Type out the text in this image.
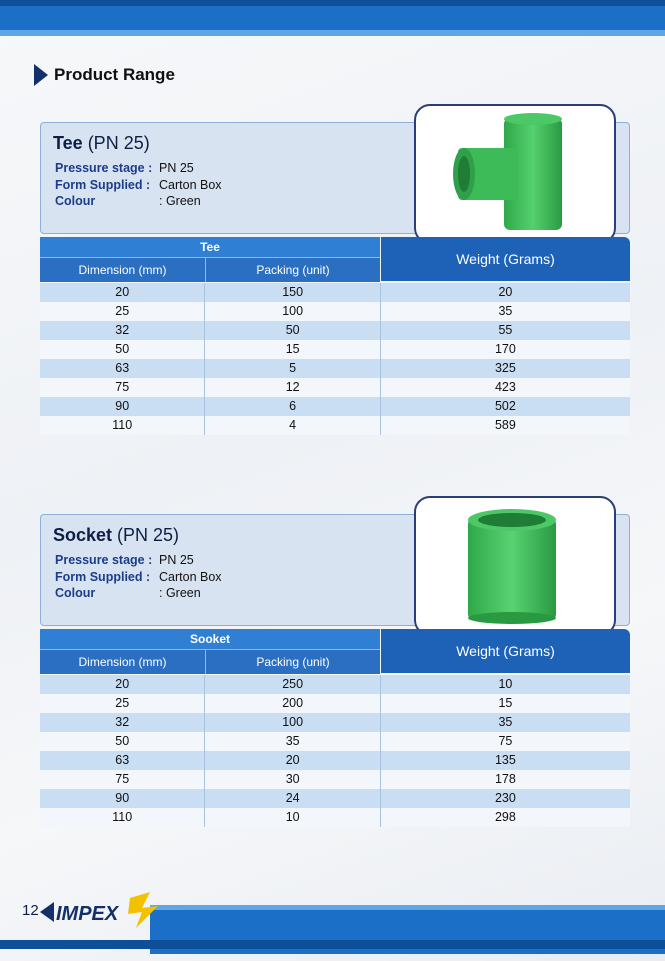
Product Range
Tee (PN 25)
Pressure stage : PN 25
Form Supplied : Carton Box
Colour	: Green
Tee
Dimension (mm)	Packing (unit)
Weight (Grams)
20	150	20
25	100	35
32	50	55
50	15	170
63	5	325
75	12	423
90	6	502
110	4	589
Socket (PN 25)
Pressure stage : PN 25
Form Supplied : Carton Box
Colour	: Green
Sooket
Dimension (mm)	Packing (unit)
Weight (Grams)
20	250	10
25	200	15
32	100	35
50	35	75
63	20	135
75	30	178
90	24	230
110	10	298
12 IMPEX
